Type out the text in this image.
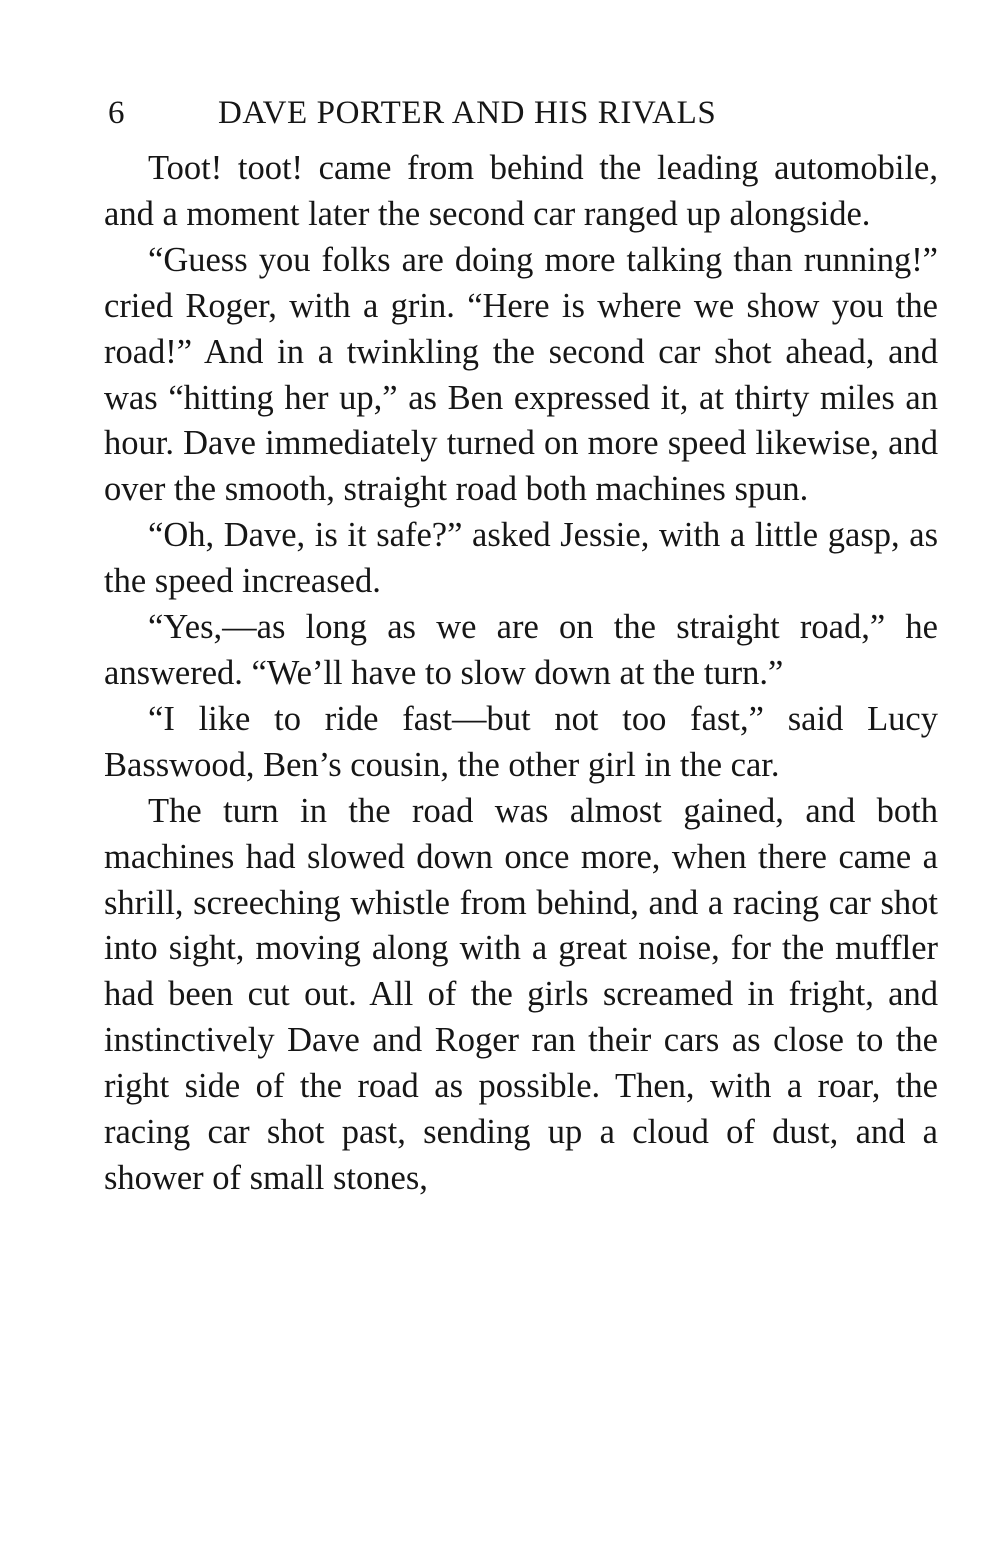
6	DAVE PORTER AND HIS RIVALS

Toot! toot! came from behind the leading automobile, and a moment later the second car ranged up alongside.

“Guess you folks are doing more talking than running!” cried Roger, with a grin. “Here is where we show you the road!” And in a twinkling the second car shot ahead, and was “hitting her up,” as Ben expressed it, at thirty miles an hour. Dave immediately turned on more speed likewise, and over the smooth, straight road both machines spun.

“Oh, Dave, is it safe?” asked Jessie, with a little gasp, as the speed increased.

“Yes,—as long as we are on the straight road,” he answered. “We’ll have to slow down at the turn.”

“I like to ride fast—but not too fast,” said Lucy Basswood, Ben’s cousin, the other girl in the car.

The turn in the road was almost gained, and both machines had slowed down once more, when there came a shrill, screeching whistle from behind, and a racing car shot into sight, moving along with a great noise, for the muffler had been cut out. All of the girls screamed in fright, and instinctively Dave and Roger ran their cars as close to the right side of the road as possible. Then, with a roar, the racing car shot past, sending up a cloud of dust, and a shower of small stones,
